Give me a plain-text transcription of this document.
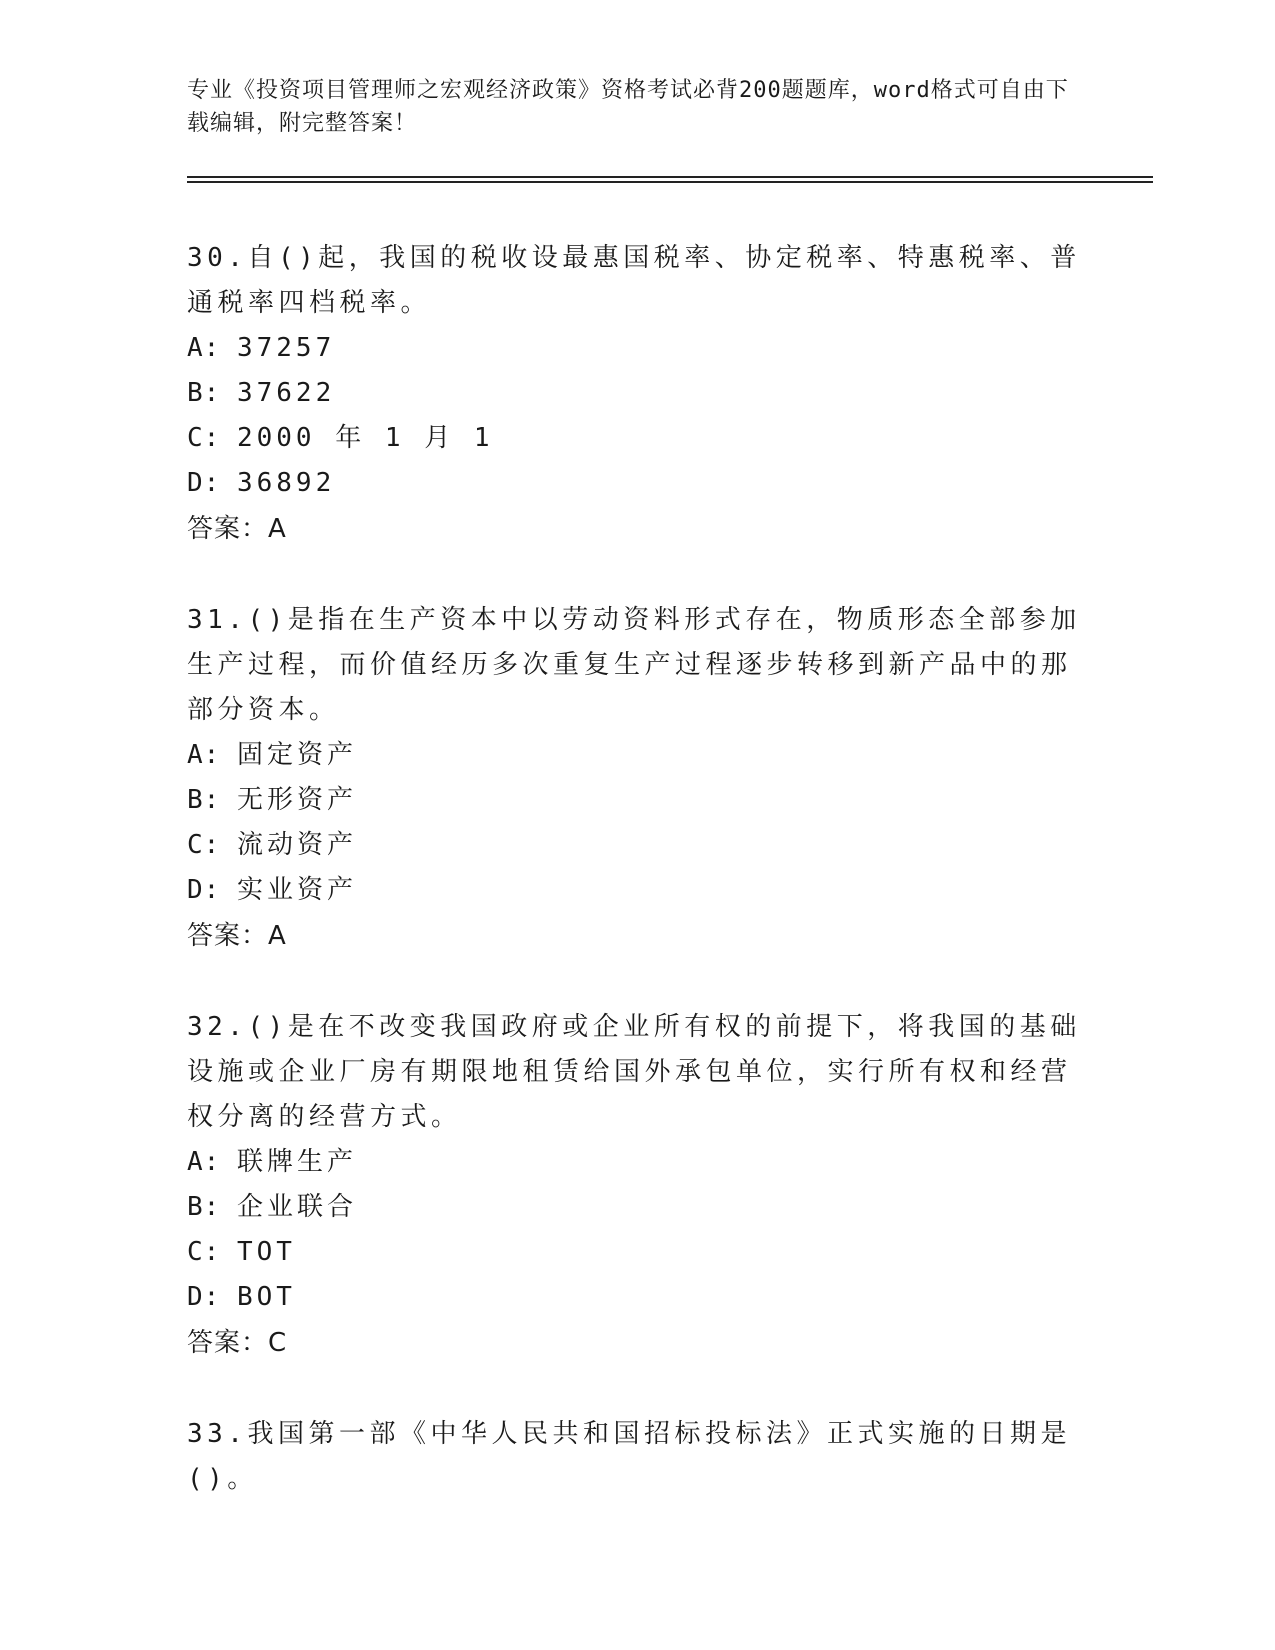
专业《投资项目管理师之宏观经济政策》资格考试必背200题题库，word格式可自由下载编辑，附完整答案！
30.自()起，我国的税收设最惠国税率、协定税率、特惠税率、普通税率四档税率。
A: 37257
B: 37622
C: 2000 年 1 月 1
D: 36892
答案：A
31.()是指在生产资本中以劳动资料形式存在，物质形态全部参加生产过程，而价值经历多次重复生产过程逐步转移到新产品中的那部分资本。
A: 固定资产
B: 无形资产
C: 流动资产
D: 实业资产
答案：A
32.()是在不改变我国政府或企业所有权的前提下，将我国的基础设施或企业厂房有期限地租赁给国外承包单位，实行所有权和经营权分离的经营方式。
A: 联牌生产
B: 企业联合
C: TOT
D: BOT
答案：C
33.我国第一部《中华人民共和国招标投标法》正式实施的日期是()。
